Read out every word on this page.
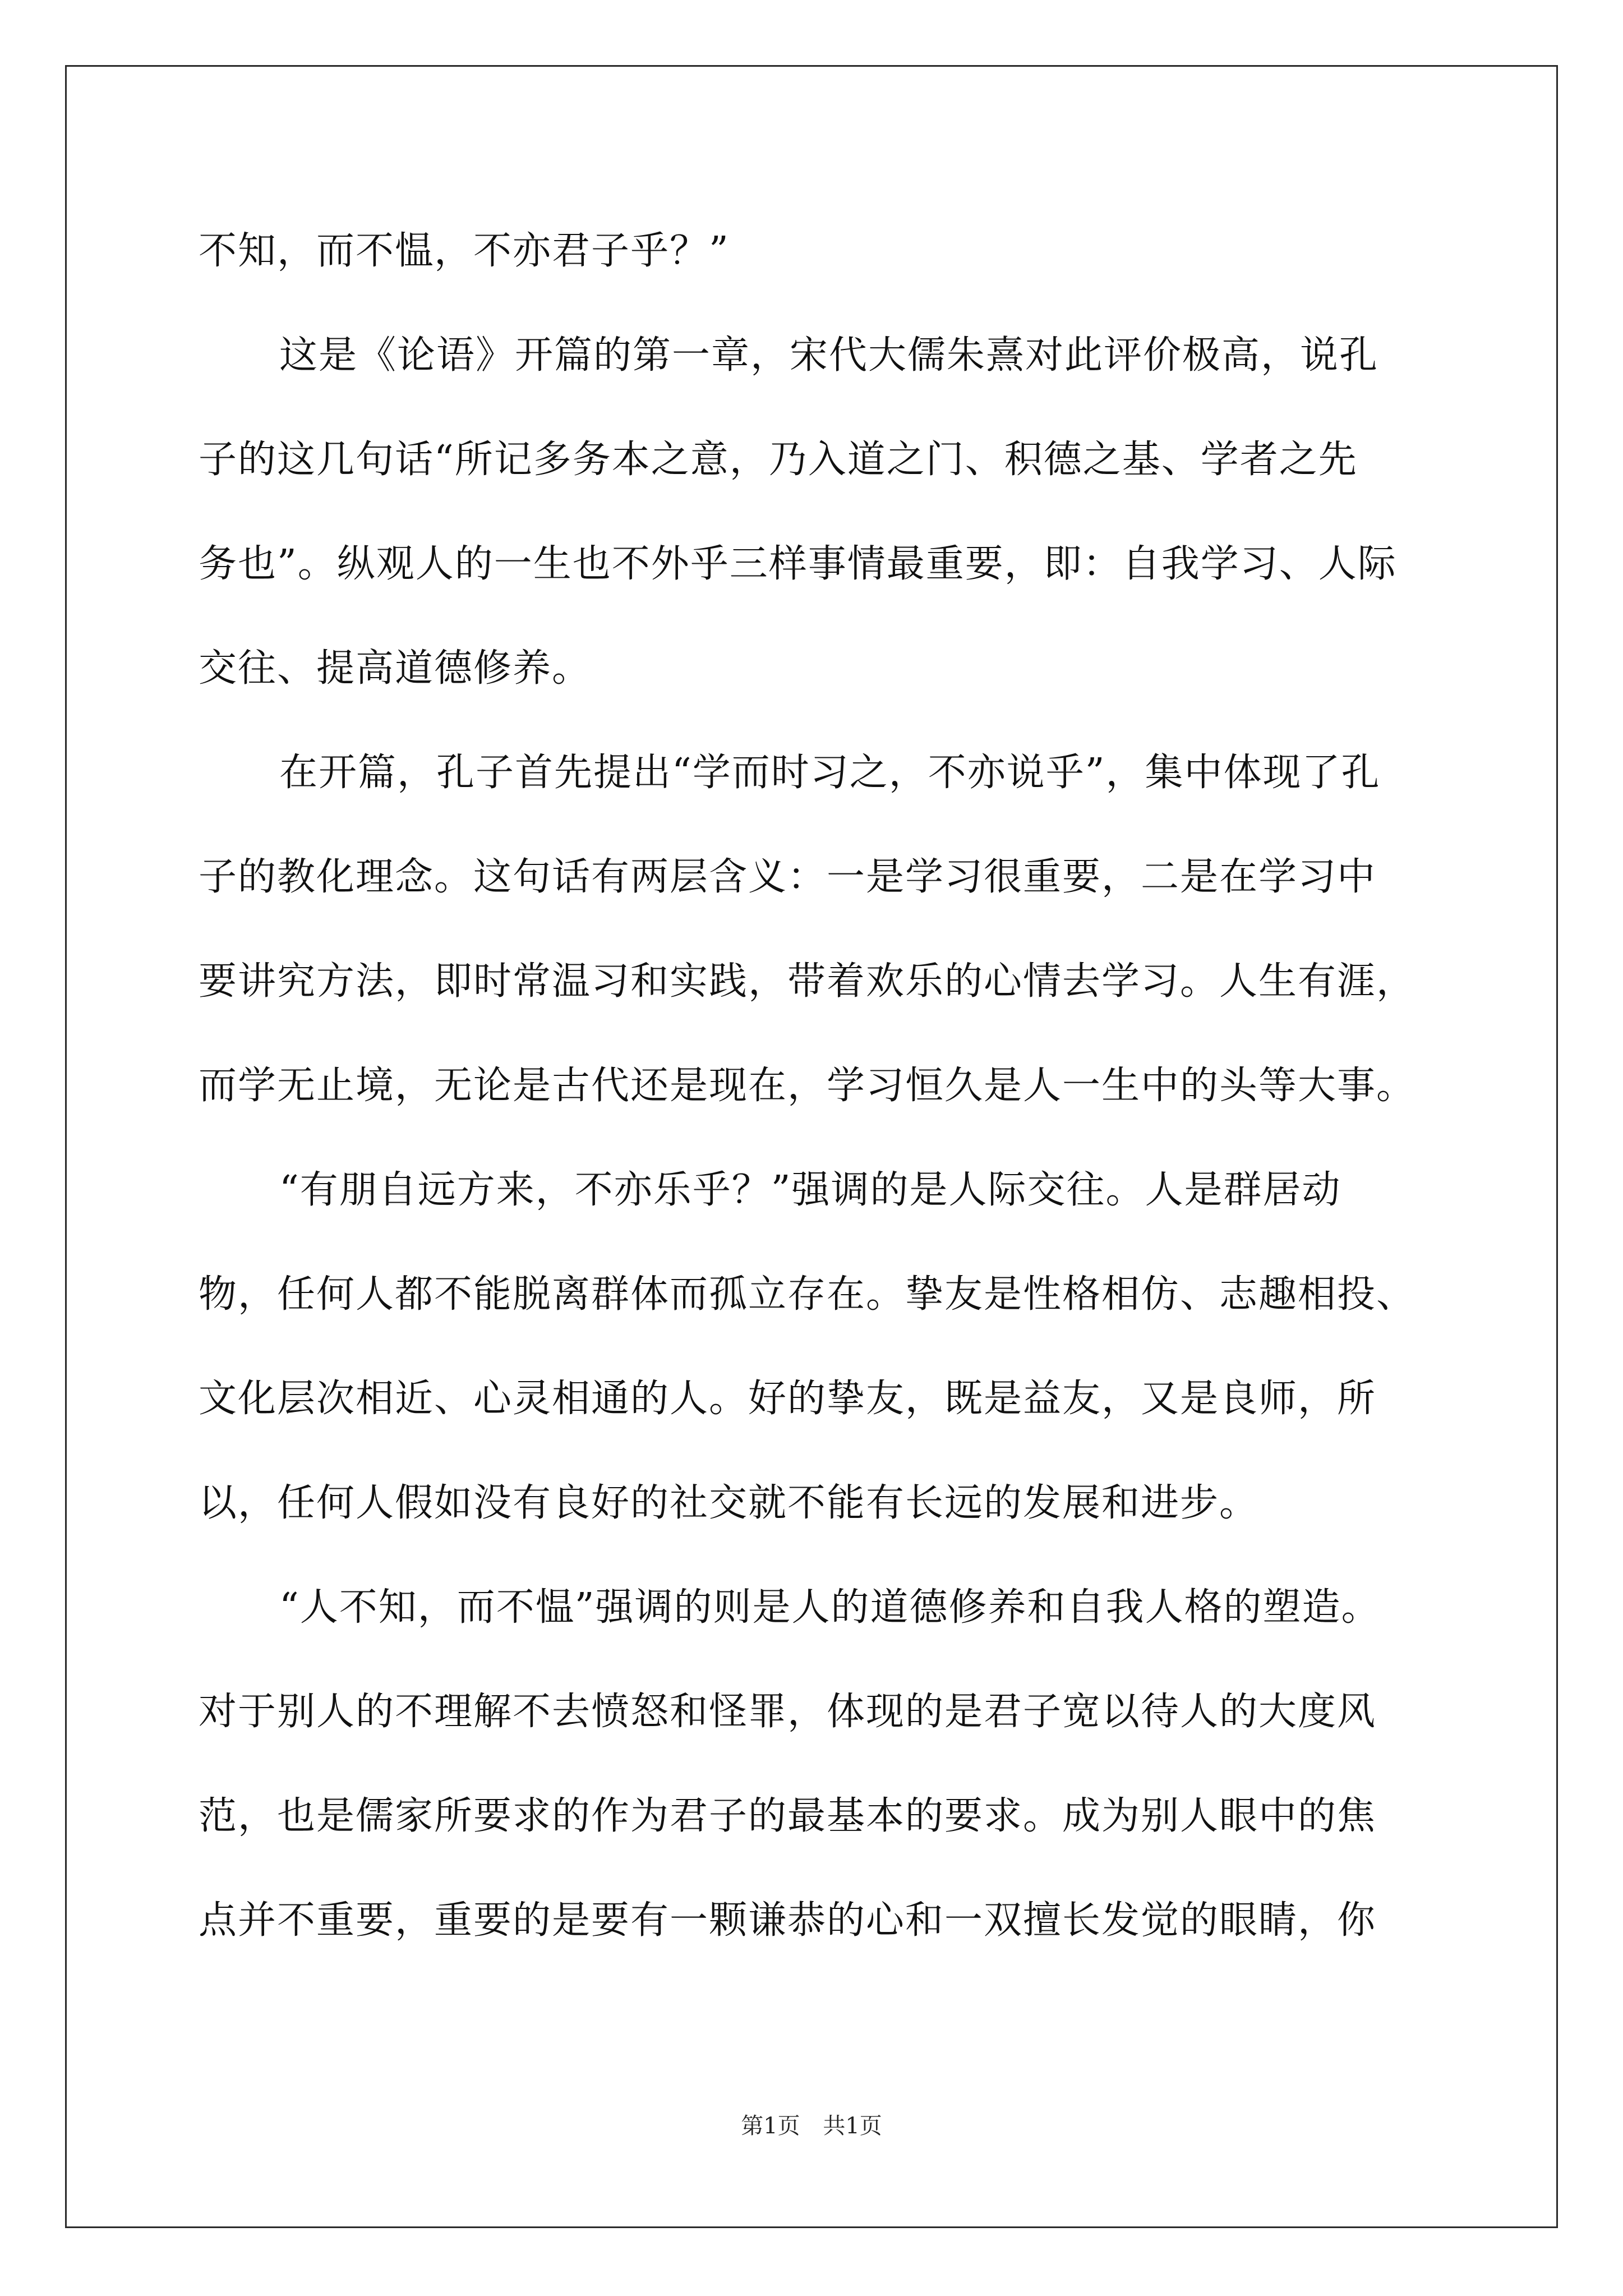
不知，而不愠，不亦君子乎？”
这是《论语》开篇的第一章，宋代大儒朱熹对此评价极高，说孔
子的这几句话“所记多务本之意，乃入道之门、积德之基、学者之先
务也”。纵观人的一生也不外乎三样事情最重要，即：自我学习、人际
交往、提高道德修养。
在开篇，孔子首先提出“学而时习之，不亦说乎”，集中体现了孔
子的教化理念。这句话有两层含义：一是学习很重要，二是在学习中
要讲究方法，即时常温习和实践，带着欢乐的心情去学习。人生有涯，
而学无止境，无论是古代还是现在，学习恒久是人一生中的头等大事。
“有朋自远方来，不亦乐乎？”强调的是人际交往。人是群居动
物，任何人都不能脱离群体而孤立存在。挚友是性格相仿、志趣相投、
文化层次相近、心灵相通的人。好的挚友，既是益友，又是良师，所
以，任何人假如没有良好的社交就不能有长远的发展和进步。
“人不知，而不愠”强调的则是人的道德修养和自我人格的塑造。
对于别人的不理解不去愤怒和怪罪，体现的是君子宽以待人的大度风
范，也是儒家所要求的作为君子的最基本的要求。成为别人眼中的焦
点并不重要，重要的是要有一颗谦恭的心和一双擅长发觉的眼睛，你
第1页 共1页
